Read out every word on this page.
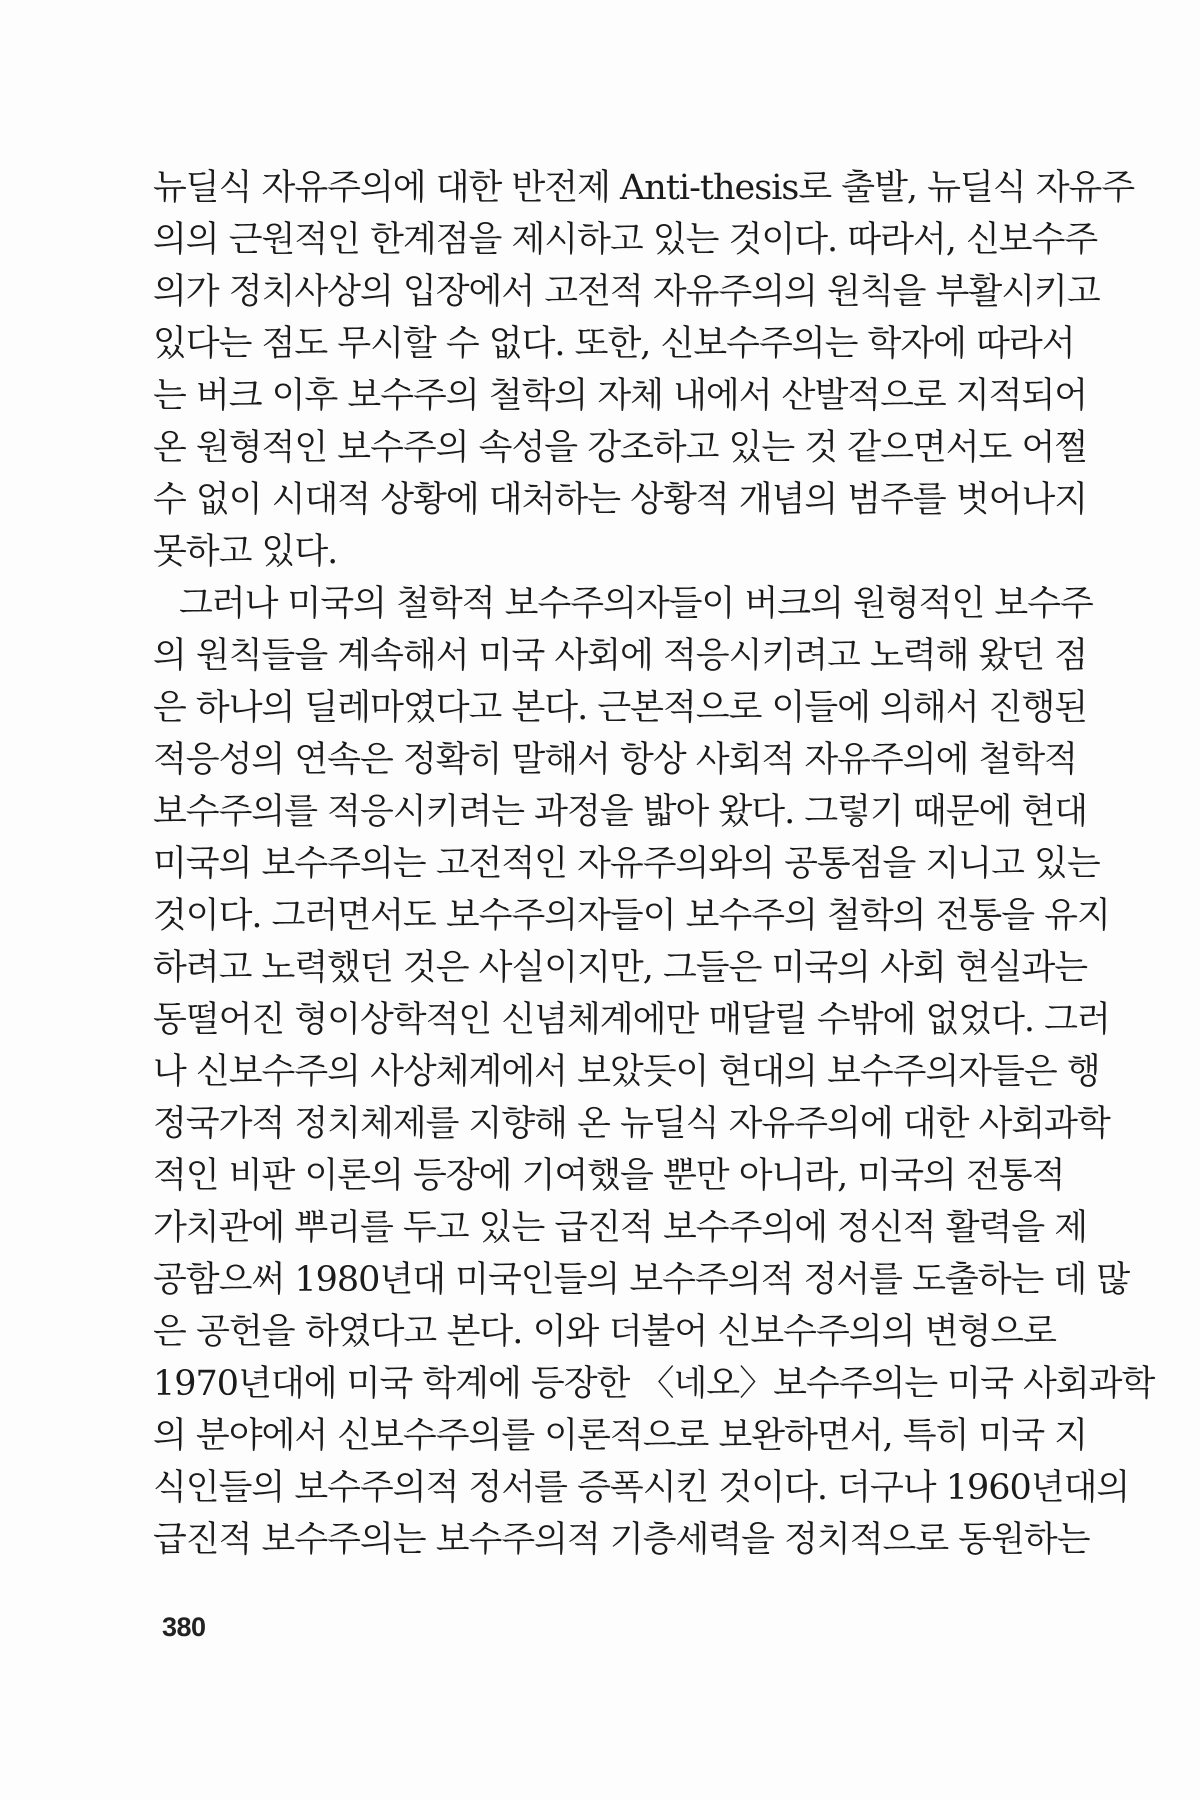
뉴딜식 자유주의에 대한 반전제 Anti-thesis로 출발, 뉴딜식 자유주
의의 근원적인 한계점을 제시하고 있는 것이다. 따라서, 신보수주
의가 정치사상의 입장에서 고전적 자유주의의 원칙을 부활시키고
있다는 점도 무시할 수 없다. 또한, 신보수주의는 학자에 따라서
는 버크 이후 보수주의 철학의 자체 내에서 산발적으로 지적되어
온 원형적인 보수주의 속성을 강조하고 있는 것 같으면서도 어쩔
수 없이 시대적 상황에 대처하는 상황적 개념의 범주를 벗어나지
못하고 있다.
그러나 미국의 철학적 보수주의자들이 버크의 원형적인 보수주
의 원칙들을 계속해서 미국 사회에 적응시키려고 노력해 왔던 점
은 하나의 딜레마였다고 본다. 근본적으로 이들에 의해서 진행된
적응성의 연속은 정확히 말해서 항상 사회적 자유주의에 철학적
보수주의를 적응시키려는 과정을 밟아 왔다. 그렇기 때문에 현대
미국의 보수주의는 고전적인 자유주의와의 공통점을 지니고 있는
것이다. 그러면서도 보수주의자들이 보수주의 철학의 전통을 유지
하려고 노력했던 것은 사실이지만, 그들은 미국의 사회 현실과는
동떨어진 형이상학적인 신념체계에만 매달릴 수밖에 없었다. 그러
나 신보수주의 사상체계에서 보았듯이 현대의 보수주의자들은 행
정국가적 정치체제를 지향해 온 뉴딜식 자유주의에 대한 사회과학
적인 비판 이론의 등장에 기여했을 뿐만 아니라, 미국의 전통적
가치관에 뿌리를 두고 있는 급진적 보수주의에 정신적 활력을 제
공함으써 1980년대 미국인들의 보수주의적 정서를 도출하는 데 많
은 공헌을 하였다고 본다. 이와 더불어 신보수주의의 변형으로
1970년대에 미국 학계에 등장한 〈네오〉보수주의는 미국 사회과학
의 분야에서 신보수주의를 이론적으로 보완하면서, 특히 미국 지
식인들의 보수주의적 정서를 증폭시킨 것이다. 더구나 1960년대의
급진적 보수주의는 보수주의적 기층세력을 정치적으로 동원하는
380
